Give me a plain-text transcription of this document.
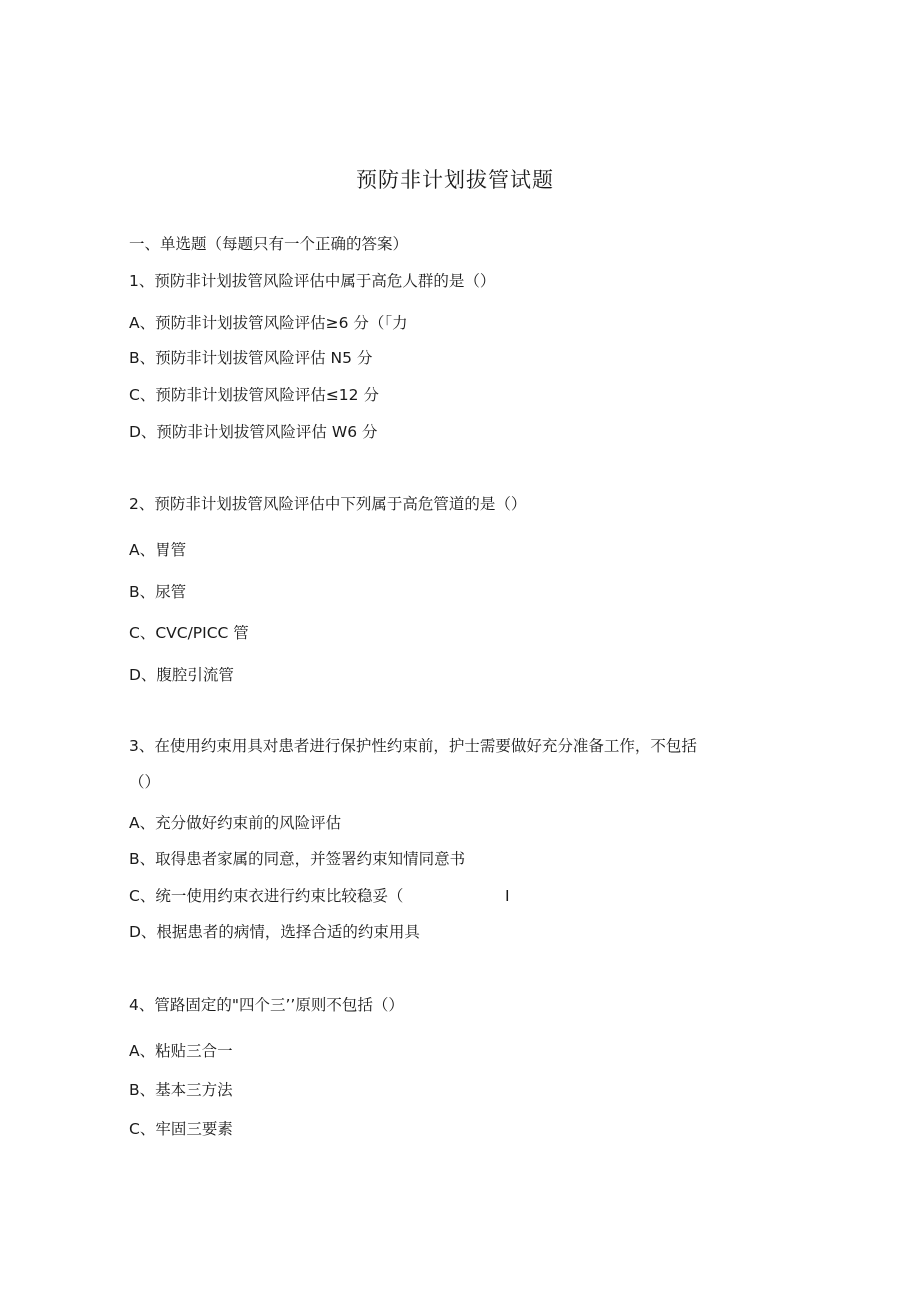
预防非计划拔管试题
一、单选题（每题只有一个正确的答案）
1、预防非计划拔管风险评估中属于高危人群的是（）
A、预防非计划拔管风险评估≥6 分（「力
B、预防非计划拔管风险评估 N5 分
C、预防非计划拔管风险评估≤12 分
D、预防非计划拔管风险评估 W6 分
2、预防非计划拔管风险评估中下列属于高危管道的是（）
A、胃管
B、尿管
C、CVC/PICC 管
D、腹腔引流管
3、在使用约束用具对患者进行保护性约束前，护士需要做好充分准备工作，不包括
（）
A、充分做好约束前的风险评估
B、取得患者家属的同意，并签署约束知情同意书
C、统一使用约束衣进行约束比较稳妥（	I
D、根据患者的病情，选择合适的约束用具
4、管路固定的"四个三’’原则不包括（）
A、粘贴三合一
B、基本三方法
C、牢固三要素
